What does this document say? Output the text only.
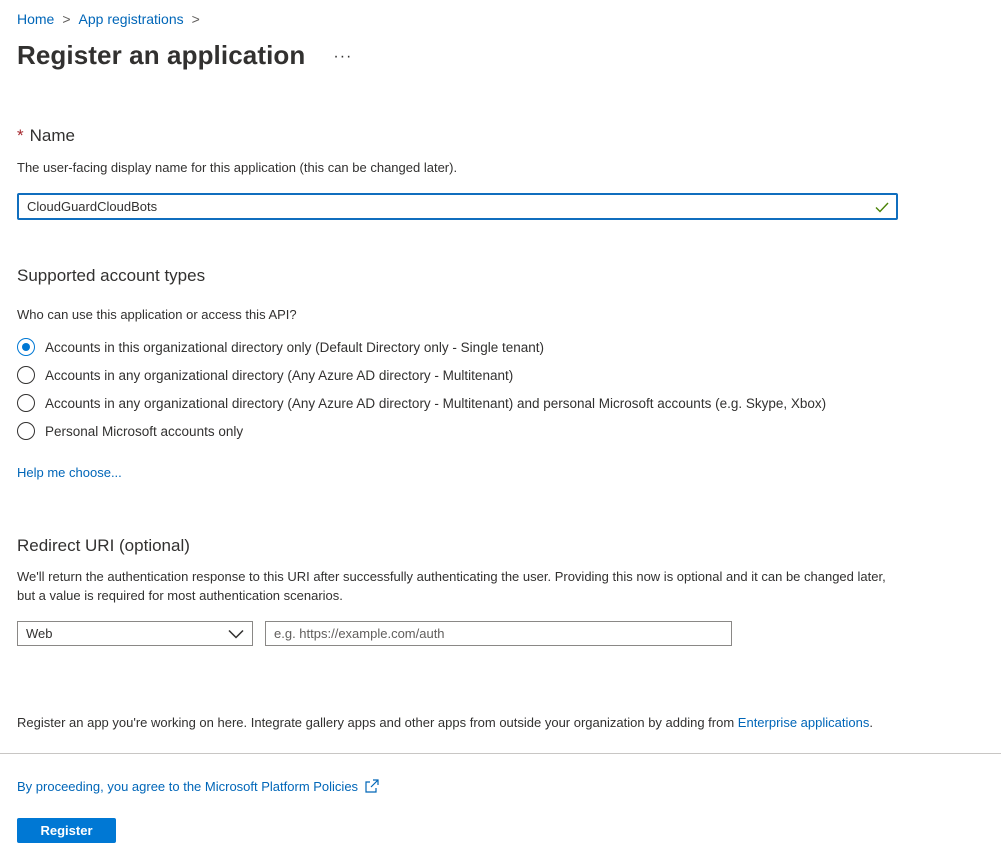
Home > App registrations >
Register an application ···
* Name
The user-facing display name for this application (this can be changed later).
CloudGuardCloudBots
Supported account types
Who can use this application or access this API?
Accounts in this organizational directory only (Default Directory only - Single tenant)
Accounts in any organizational directory (Any Azure AD directory - Multitenant)
Accounts in any organizational directory (Any Azure AD directory - Multitenant) and personal Microsoft accounts (e.g. Skype, Xbox)
Personal Microsoft accounts only
Help me choose...
Redirect URI (optional)
We'll return the authentication response to this URI after successfully authenticating the user. Providing this now is optional and it can be changed later, but a value is required for most authentication scenarios.
Web
e.g. https://example.com/auth
Register an app you're working on here. Integrate gallery apps and other apps from outside your organization by adding from Enterprise applications.
By proceeding, you agree to the Microsoft Platform Policies
Register
